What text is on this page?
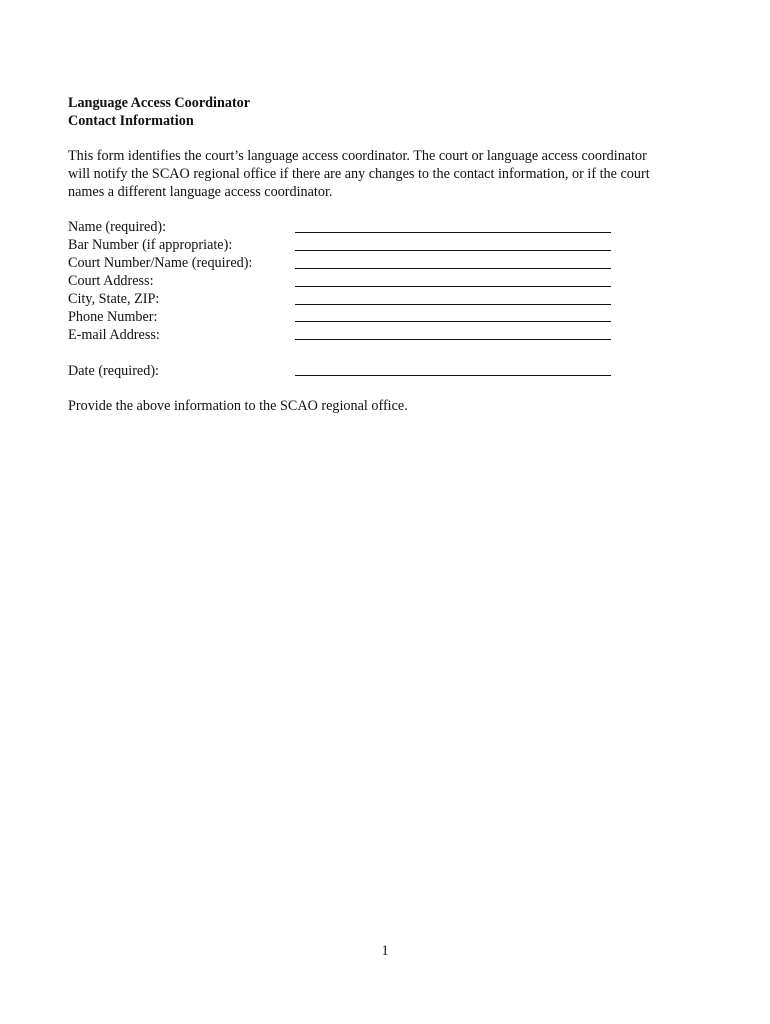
Language Access Coordinator
Contact Information
This form identifies the court’s language access coordinator. The court or language access coordinator
will notify the SCAO regional office if there are any changes to the contact information, or if the court
names a different language access coordinator.
Name (required):
Bar Number (if appropriate):
Court Number/Name (required):
Court Address:
City, State, ZIP:
Phone Number:
E-mail Address:
Date (required):
Provide the above information to the SCAO regional office.
1
